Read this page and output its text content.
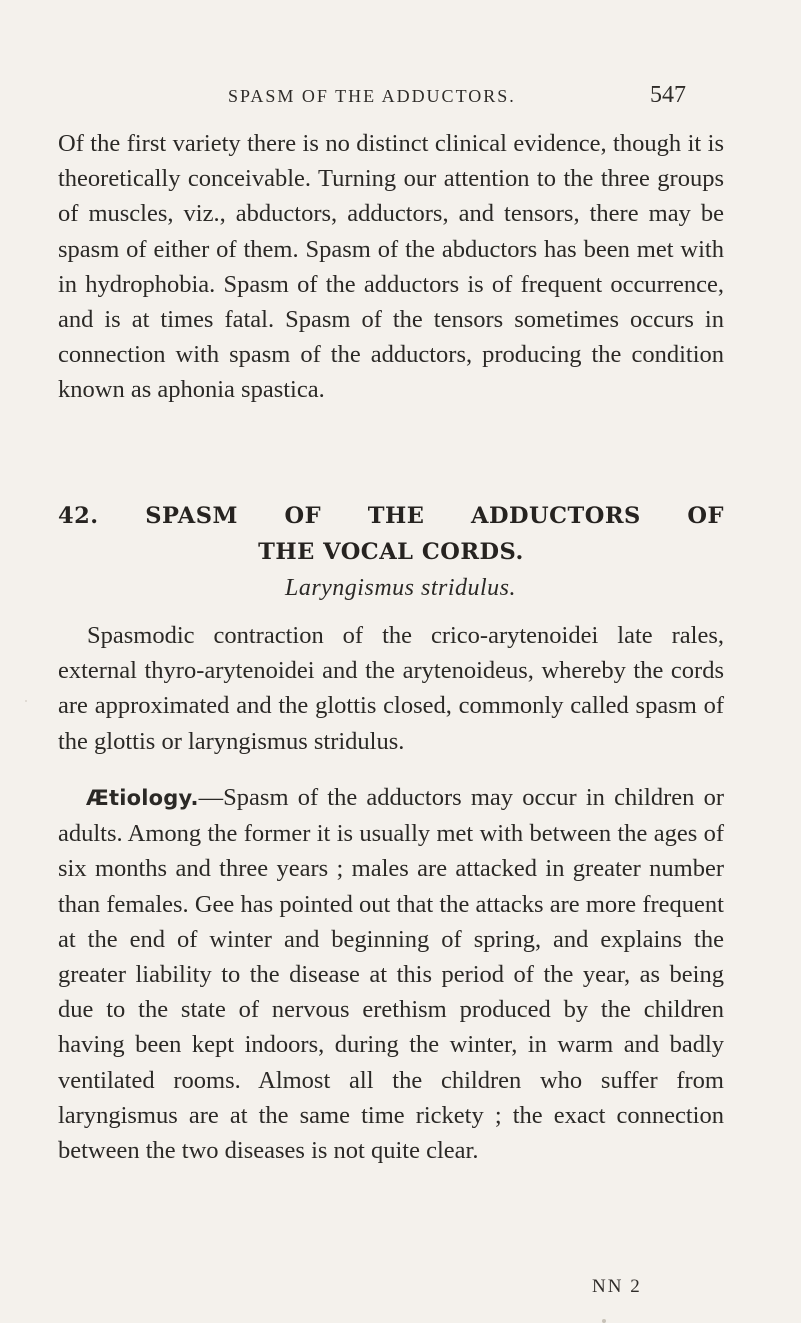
SPASM OF THE ADDUCTORS.	547

Of the first variety there is no distinct clinical evidence, though it is theoretically conceivable. Turning our attention to the three groups of muscles, viz., abductors, adductors, and tensors, there may be spasm of either of them. Spasm of the abductors has been met with in hydrophobia. Spasm of the adductors is of frequent occurrence, and is at times fatal. Spasm of the tensors sometimes occurs in connection with spasm of the adductors, producing the condition known as aphonia spastica.

42. SPASM OF THE ADDUCTORS OF
THE VOCAL CORDS.
Laryngismus stridulus.

Spasmodic contraction of the crico-arytenoidei late rales, external thyro-arytenoidei and the arytenoideus, whereby the cords are approximated and the glottis closed, commonly called spasm of the glottis or laryngismus stridulus.

Ætiology.—Spasm of the adductors may occur in children or adults. Among the former it is usually met with between the ages of six months and three years ; males are attacked in greater number than females. Gee has pointed out that the attacks are more frequent at the end of winter and beginning of spring, and explains the greater liability to the disease at this period of the year, as being due to the state of nervous erethism produced by the children having been kept indoors, during the winter, in warm and badly ventilated rooms. Almost all the children who suffer from laryngismus are at the same time rickety ; the exact connection between the two diseases is not quite clear.

NN 2
